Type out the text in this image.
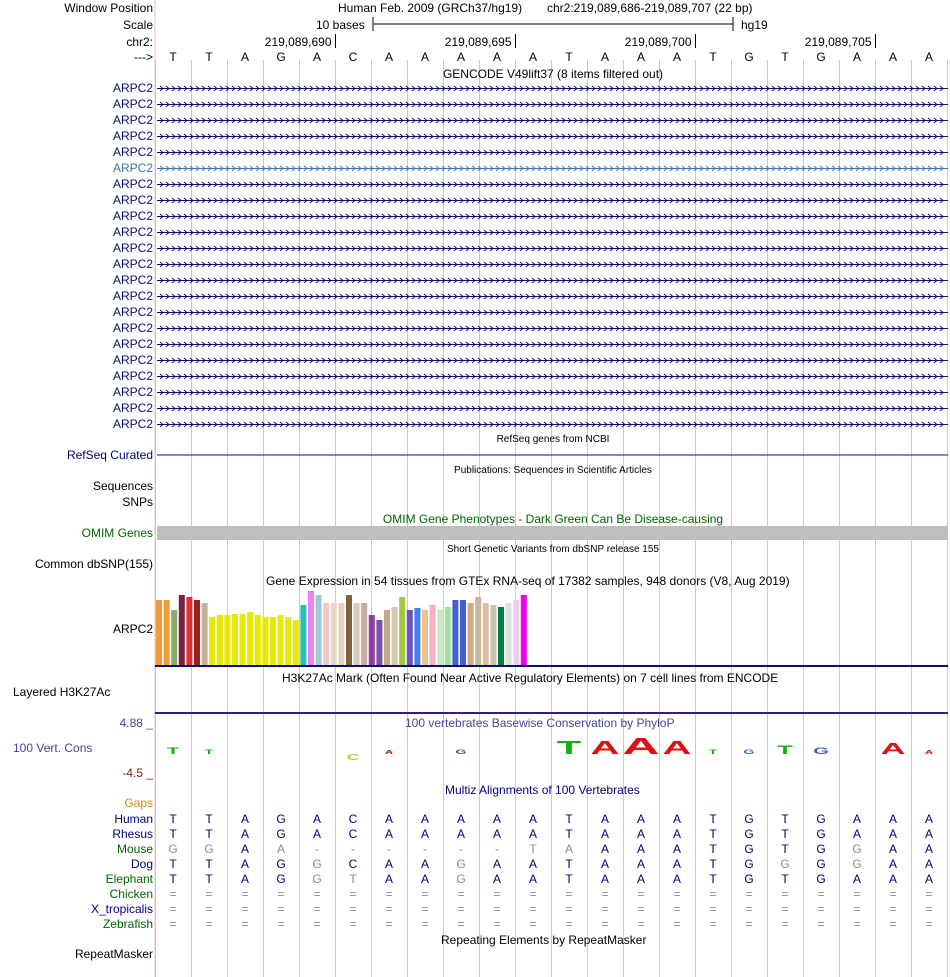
T	T
C
A	G	T A A A	T	G T G	A	A
Window Position	Human Feb. 2009 (GRCh37/hg19) chr2:219,089,686-219,089,707 (22 bp)
Scale	10 bases	hg19
chr2:	219,089,690	219,089,695	219,089,700	219,089,705
--->	T	T	A	G	A	C	A	A	A	A	A	T	A	A	A	T	G	T	G	A	A	A
GENCODE V49lift37 (8 items filtered out)
ARPC2
ARPC2
ARPC2
ARPC2
ARPC2
ARPC2
ARPC2
ARPC2
ARPC2
ARPC2
ARPC2
ARPC2
ARPC2
ARPC2
ARPC2
ARPC2
ARPC2
ARPC2
ARPC2
ARPC2
ARPC2
ARPC2
RefSeq genes from NCBI
RefSeq Curated
Publications: Sequences in Scientific Articles
Sequences
SNPs
OMIM Gene Phenotypes - Dark Green Can Be Disease-causing
OMIM Genes
Short Genetic Variants from dbSNP release 155
Common dbSNP(155)
Gene Expression in 54 tissues from GTEx RNA-seq of 17382 samples, 948 donors (V8, Aug 2019)
ARPC2
H3K27Ac Mark (Often Found Near Active Regulatory Elements) on 7 cell lines from ENCODE
Layered H3K27Ac
100 vertebrates Basewise Conservation by PhyloP
4.88 _
100 Vert. Cons
-4.5 _
Multiz Alignments of 100 Vertebrates
Gaps
Human	T	T	A	G	A	C	A	A	A	A	A	T	A	A	A	T	G	T	G	A	A	A
Rhesus	T	T	A	G	A	C	A	A	A	A	A	T	A	A	A	T	G	T	G	A	A	A
Mouse	G	G	A	A	-	-	-	-	-	-	T	A	A	A	A	T	G	T	G	G	A	A
Dog	T	T	A	G	G	C	A	A	G	A	A	T	A	A	A	T	G	G	G	G	A	A
Elephant	T	T	A	G	G	T	A	A	G	A	A	T	A	A	A	T	G	T	G	A	A	A
Chicken	=	=	=	=	=	=	=	=	=	=	=	=	=	=	=	=	=	=	=	=	=	=
X_tropicalis	=	=	=	=	=	=	=	=	=	=	=	=	=	=	=	=	=	=	=	=	=	=
Zebrafish	=	=	=	=	=	=	=	=	=	=	=	=	=	=	=	=	=	=	=	=	=	=
Repeating Elements by RepeatMasker
RepeatMasker
